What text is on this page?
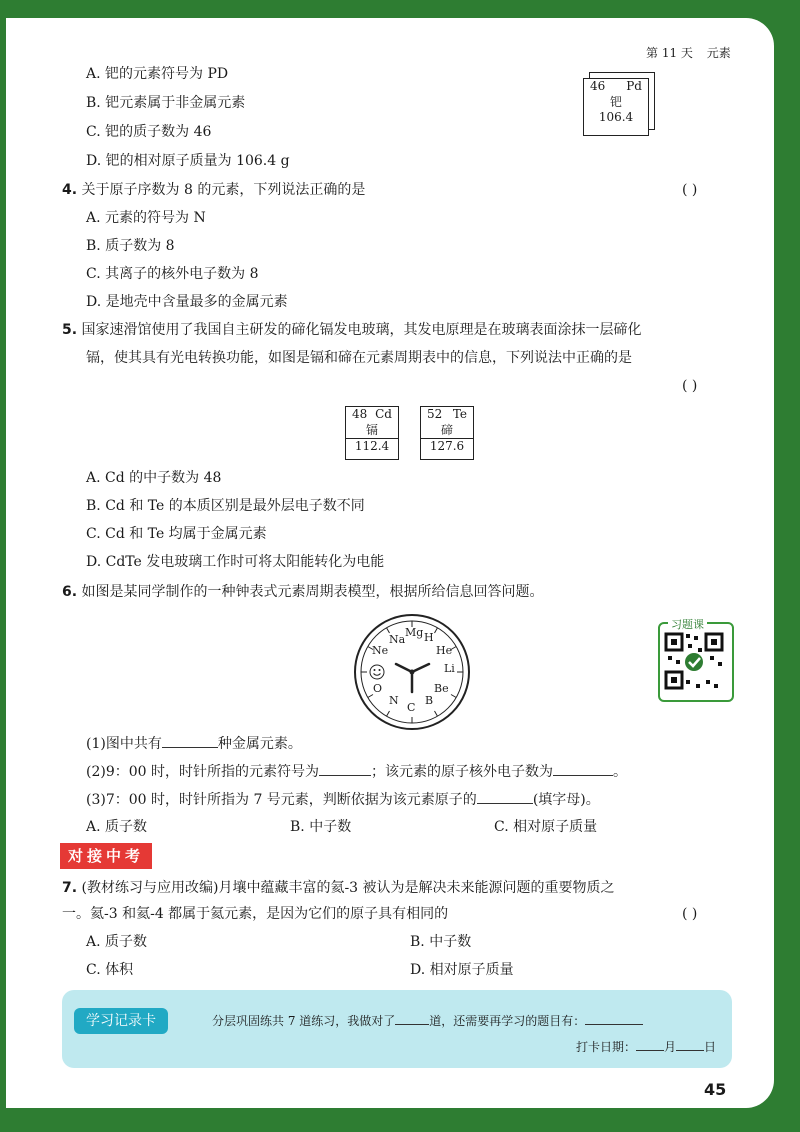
第 11 天 元素
A. 钯的元素符号为 PD
B. 钯元素属于非金属元素
C. 钯的质子数为 46
D. 钯的相对原子质量为 106.4 g
46 Pd
钯
106.4
4. 关于原子序数为 8 的元素，下列说法正确的是	( )
A. 元素的符号为 N
B. 质子数为 8
C. 其离子的核外电子数为 8
D. 是地壳中含量最多的金属元素
5. 国家速滑馆使用了我国自主研发的碲化镉发电玻璃，其发电原理是在玻璃表面涂抹一层碲化
镉，使其具有光电转换功能，如图是镉和碲在元素周期表中的信息，下列说法中正确的是
( )
48 Cd
镉
112.4
52 Te
碲
127.6
A. Cd 的中子数为 48
B. Cd 和 Te 的本质区别是最外层电子数不同
C. Cd 和 Te 均属于金属元素
D. CdTe 发电玻璃工作时可将太阳能转化为电能
6. 如图是某同学制作的一种钟表式元素周期表模型，根据所给信息回答问题。
Mg
Na H
Ne	He
Li
Be
B
C
N
O
习题课
(1)图中共有	种金属元素。
(2)9：00 时，时针所指的元素符号为	；该元素的原子核外电子数为	。
(3)7：00 时，时针所指为 7 号元素，判断依据为该元素原子的	(填字母)。
A. 质子数	B. 中子数	C. 相对原子质量
对接中考
7. (教材练习与应用改编)月壤中蕴藏丰富的氦-3 被认为是解决未来能源问题的重要物质之
一。氦-3 和氦-4 都属于氦元素，是因为它们的原子具有相同的	( )
A. 质子数	B. 中子数
C. 体积	D. 相对原子质量
学习记录卡	分层巩固练共 7 道练习，我做对了	道，还需要再学习的题目有：
打卡日期： 月 日
45
